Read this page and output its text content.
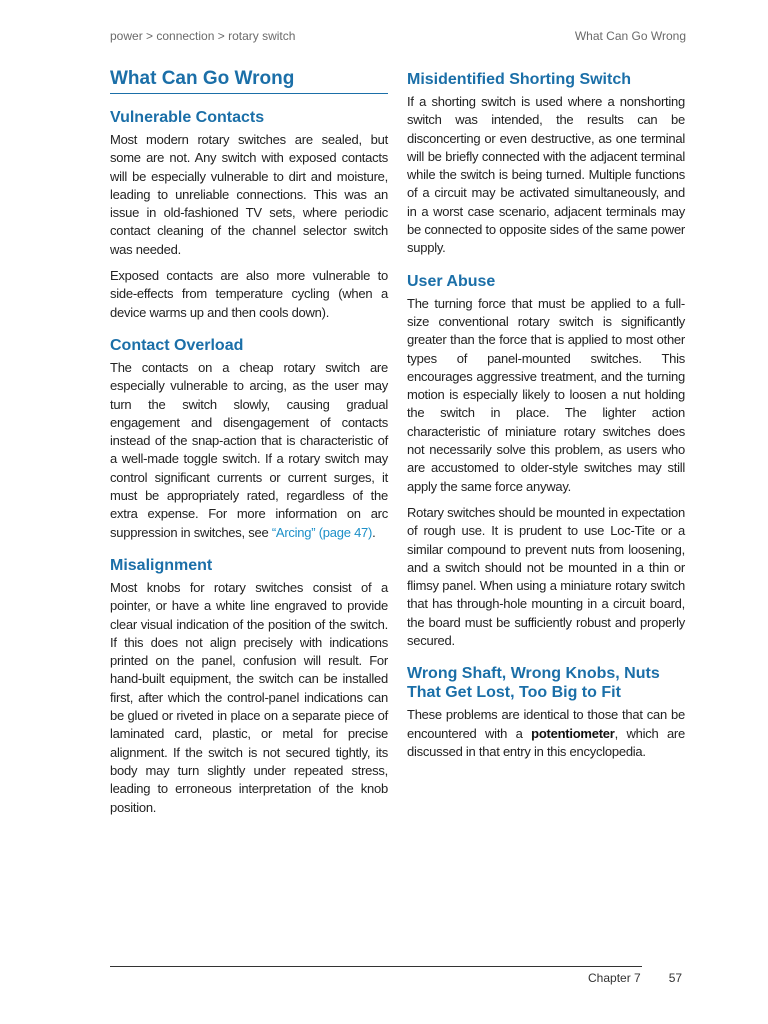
power > connection > rotary switch	What Can Go Wrong
What Can Go Wrong
Vulnerable Contacts

Most modern rotary switches are sealed, but some are not. Any switch with exposed contacts will be especially vulnerable to dirt and moisture, leading to unreliable connections. This was an issue in old-fashioned TV sets, where periodic contact cleaning of the channel selector switch was needed.

Exposed contacts are also more vulnerable to side-effects from temperature cycling (when a device warms up and then cools down).

Contact Overload

The contacts on a cheap rotary switch are especially vulnerable to arcing, as the user may turn the switch slowly, causing gradual engagement and disengagement of contacts instead of the snap-action that is characteristic of a well-made toggle switch. If a rotary switch may control significant currents or current surges, it must be appropriately rated, regardless of the extra expense. For more information on arc suppression in switches, see “Arcing” (page 47).

Misalignment

Most knobs for rotary switches consist of a pointer, or have a white line engraved to provide clear visual indication of the position of the switch. If this does not align precisely with indications printed on the panel, confusion will result. For hand-built equipment, the switch can be installed first, after which the control-panel indications can be glued or riveted in place on a separate piece of laminated card, plastic, or metal for precise alignment. If the switch is not secured tightly, its body may turn slightly under repeated stress, leading to erroneous interpretation of the knob position.

Misidentified Shorting Switch

If a shorting switch is used where a nonshorting switch was intended, the results can be disconcerting or even destructive, as one terminal will be briefly connected with the adjacent terminal while the switch is being turned. Multiple functions of a circuit may be activated simultaneously, and in a worst case scenario, adjacent terminals may be connected to opposite sides of the same power supply.

User Abuse

The turning force that must be applied to a full-size conventional rotary switch is significantly greater than the force that is applied to most other types of panel-mounted switches. This encourages aggressive treatment, and the turning motion is especially likely to loosen a nut holding the switch in place. The lighter action characteristic of miniature rotary switches does not necessarily solve this problem, as users who are accustomed to older-style switches may still apply the same force anyway.

Rotary switches should be mounted in expectation of rough use. It is prudent to use Loc-Tite or a similar compound to prevent nuts from loosening, and a switch should not be mounted in a thin or flimsy panel. When using a miniature rotary switch that has through-hole mounting in a circuit board, the board must be sufficiently robust and properly secured.

Wrong Shaft, Wrong Knobs, Nuts That Get Lost, Too Big to Fit

These problems are identical to those that can be encountered with a potentiometer, which are discussed in that entry in this encyclopedia.

Chapter 7 57
